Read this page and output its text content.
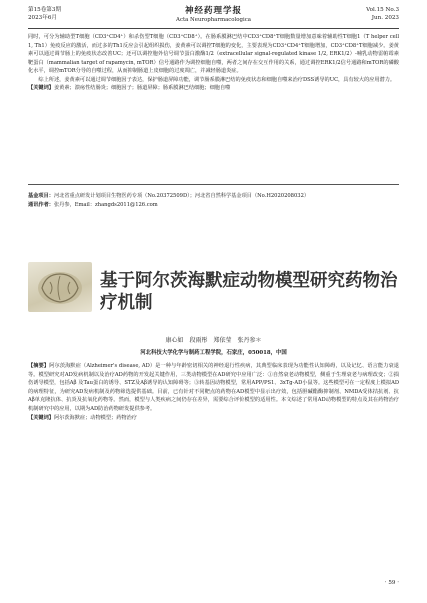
第15卷第3期
2023年6月
神经药理学报
Acta Neuropharmacologica
Vol.15 No.3
Jun. 2023

同时，可分为辅助型T细胞（CD3⁺CD4⁺）和杀伤型T细胞（CD3⁺CD8⁺）。在肠系膜淋巴结中CD3⁺CD8⁺T细胞数量增加意味着辅助性T细胞1（T helper cell 1, Th1）免疫反应的激活，而过多的Th1反应会引起组织损伤，姜黄素可以调控T细胞的变化，主要表现为CD3⁺CD4⁺T细胞增加，CD3⁺CD8⁺T细胞减少。姜黄素可以通过调节肠上的免疫状态改善UC；还可以调控胞外信号调节蛋白激酶1/2（extracellular signal-regulated kinase 1/2, ERK1/2）-哺乳动物雷帕霉素靶蛋白（mammalian target of rapamycin, mTOR）信号通路作为调控细胞自噬，两者之间存在交互作用的关系，通过调控ERK1/2信号通路和mTOR的磷酸化水平，调控mTOR分导的自噬过程，从而抑制肠道上皮细胞的过度凋亡，并减轻肠道炎症。

综上所述，姜黄素可以通过调节细胞因子表达，保护肠道屏障功能，调节肠系膜淋巴结的免疫状态和细胞自噬来治疗DSS诱导的UC，具有较大的应用潜力。

【关键词】姜黄素；溃疡性结肠炎；细胞因子；肠道屏障；肠系膜淋巴结细胞；细胞自噬

基金项目：河北省重点研发计划项目生物医药专项（No.20372509D）；河北省自然科学基金项目（No.H2020208032）

通讯作者：张丹参，Email：zhangds2011@126.com

基于阿尔茨海默症动物模型研究药物治疗机制
康心如　段雨彤　郑依莹　张丹参＊
河北科技大学化学与制药工程学院，石家庄，050018，中国

【摘要】阿尔茨海默症（Alzheimer's disease, AD）是一种与年龄密切相关的神经退行性疾病，其典型临床表现为功能性认知障碍，以及记忆、语言能力衰退等。模型研究对AD发病机制以及治疗AD药物的开发起关键作用，三类动物模型在AD研究中应用广泛：①自然衰老动物模型，侧重于生理衰老与病理改变；②损伤诱导模型，包括Aβ 及Tau蛋白的诱导、STZ及Aβ诱导的认知障碍等；③转基因动物模型，常用APP/PS1、3xTg-AD小鼠等。这些模型可在一定程度上模拟AD的病理特征，为研究AD发病机制及药物筛选提供基础。目前，已有针对不同靶点的药物在AD模型中显示出疗效，包括胆碱酯酶抑制剂、NMDA受体拮抗剂、抗Aβ单克隆抗体、抗炎及抗氧化药物等。然而，模型与人类疾病之间仍存在差异，需要综合评价模型的适用性。本文综述了常用AD动物模型的特点及其在药物治疗机制研究中的应用，以期为AD防治药物研发提供参考。

【关键词】阿尔茨海默症；动物模型；药物治疗

· 59 ·
